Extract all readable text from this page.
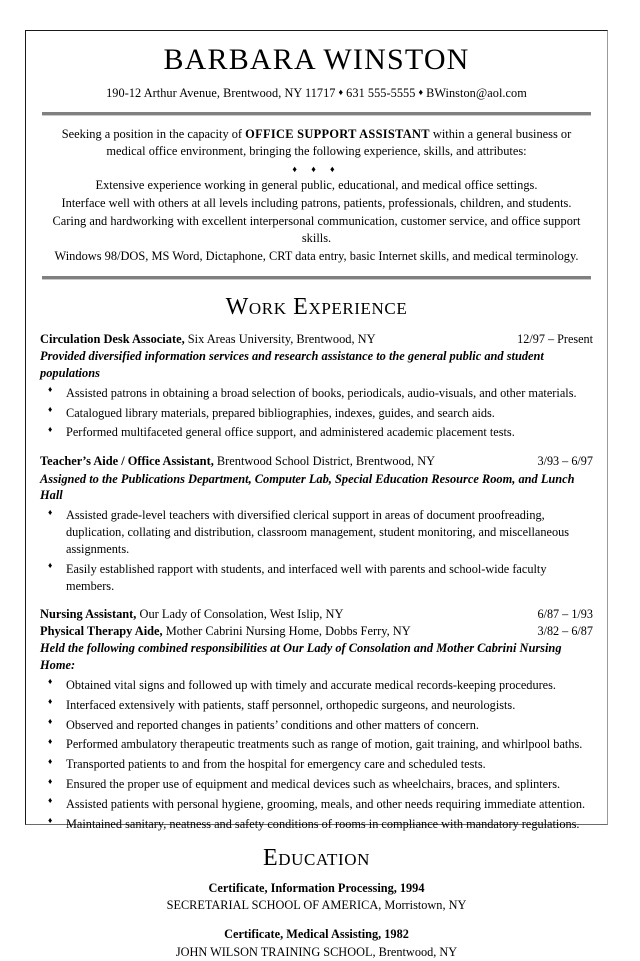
BARBARA WINSTON
190-12 Arthur Avenue, Brentwood, NY 11717 ♦ 631 555-5555 ♦ BWinston@aol.com

Seeking a position in the capacity of OFFICE SUPPORT ASSISTANT within a general business or medical office environment, bringing the following experience, skills, and attributes:

♦ ♦ ♦

Extensive experience working in general public, educational, and medical office settings.

Interface well with others at all levels including patrons, patients, professionals, children, and students.

Caring and hardworking with excellent interpersonal communication, customer service, and office support skills.

Windows 98/DOS, MS Word, Dictaphone, CRT data entry, basic Internet skills, and medical terminology.

Work Experience
Circulation Desk Associate, Six Areas University, Brentwood, NY	12/97 – Present
Provided diversified information services and research assistance to the general public and student populations
♦ Assisted patrons in obtaining a broad selection of books, periodicals, audio-visuals, and other materials.
♦ Catalogued library materials, prepared bibliographies, indexes, guides, and search aids.
♦ Performed multifaceted general office support, and administered academic placement tests.
Teacher’s Aide / Office Assistant, Brentwood School District, Brentwood, NY	3/93 – 6/97
Assigned to the Publications Department, Computer Lab, Special Education Resource Room, and Lunch Hall
♦ Assisted grade-level teachers with diversified clerical support in areas of document proofreading, duplication, collating and distribution, classroom management, student monitoring, and miscellaneous assignments.
♦ Easily established rapport with students, and interfaced well with parents and school-wide faculty members.
Nursing Assistant, Our Lady of Consolation, West Islip, NY	6/87 – 1/93
Physical Therapy Aide, Mother Cabrini Nursing Home, Dobbs Ferry, NY	3/82 – 6/87
Held the following combined responsibilities at Our Lady of Consolation and Mother Cabrini Nursing Home:
♦ Obtained vital signs and followed up with timely and accurate medical records-keeping procedures.
♦ Interfaced extensively with patients, staff personnel, orthopedic surgeons, and neurologists.
♦ Observed and reported changes in patients’ conditions and other matters of concern.
♦ Performed ambulatory therapeutic treatments such as range of motion, gait training, and whirlpool baths.
♦ Transported patients to and from the hospital for emergency care and scheduled tests.
♦ Ensured the proper use of equipment and medical devices such as wheelchairs, braces, and splinters.
♦ Assisted patients with personal hygiene, grooming, meals, and other needs requiring immediate attention.
♦ Maintained sanitary, neatness and safety conditions of rooms in compliance with mandatory regulations.
Education
Certificate, Information Processing, 1994
SECRETARIAL SCHOOL OF AMERICA, Morristown, NY
Certificate, Medical Assisting, 1982
JOHN WILSON TRAINING SCHOOL, Brentwood, NY
